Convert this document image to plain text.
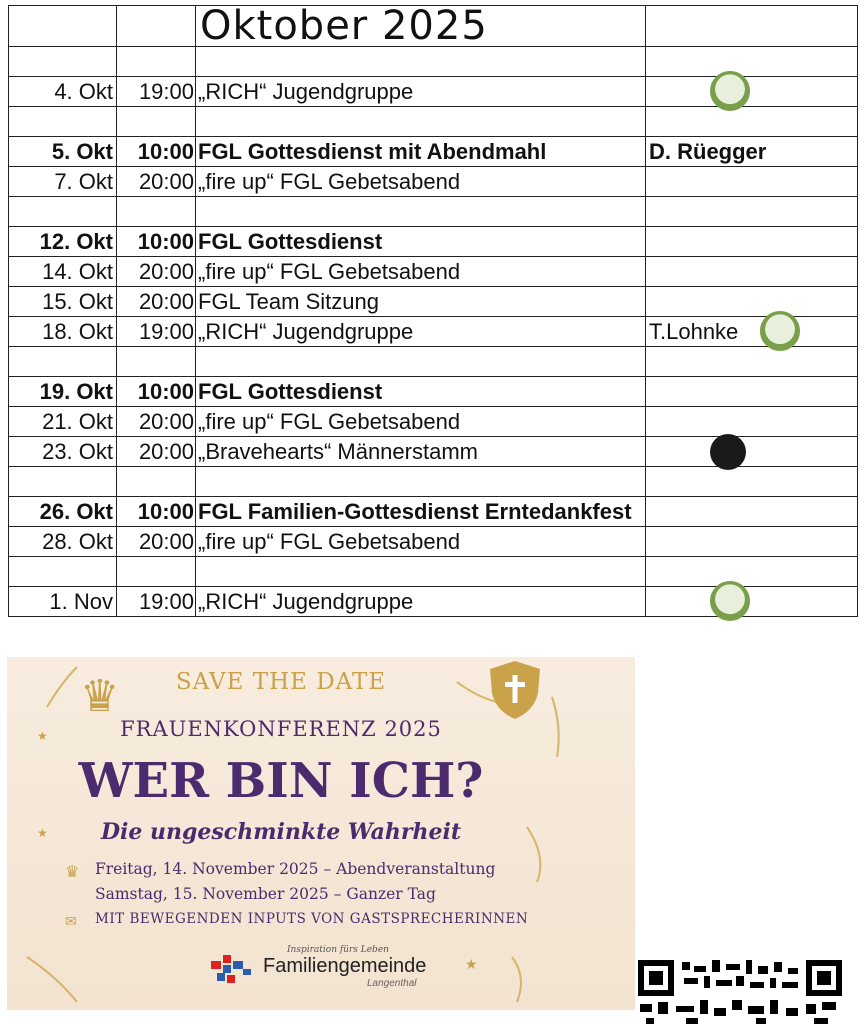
		Oktober 2025	

4. Okt	19:00	„RICH“ Jugendgruppe	

5. Okt	10:00	FGL Gottesdienst mit Abendmahl	D. Rüegger
7. Okt	20:00	„fire up“ FGL Gebetsabend	

12. Okt	10:00	FGL Gottesdienst	
14. Okt	20:00	„fire up“ FGL Gebetsabend	
15. Okt	20:00	FGL Team Sitzung	
18. Okt	19:00	„RICH“ Jugendgruppe	T.Lohnke

19. Okt	10:00	FGL Gottesdienst	
21. Okt	20:00	„fire up“ FGL Gebetsabend	
23. Okt	20:00	„Bravehearts“ Männerstamm	

26. Okt	10:00	FGL Familien-Gottesdienst Erntedankfest	
28. Okt	20:00	„fire up“ FGL Gebetsabend	

1. Nov	19:00	„RICH“ Jugendgruppe	
★
★
★
♛	SAVE THE DATE
FRAUENKONFERENZ 2025
WER BIN ICH?
Die ungeschminkte Wahrheit
♛ Freitag, 14. November 2025 – Abendveranstaltung
Samstag, 15. November 2025 – Ganzer Tag
✉ MIT BEWEGENDEN INPUTS VON GASTSPRECHERINNEN
Inspiration fürs Leben
Familiengemeinde
Langenthal
